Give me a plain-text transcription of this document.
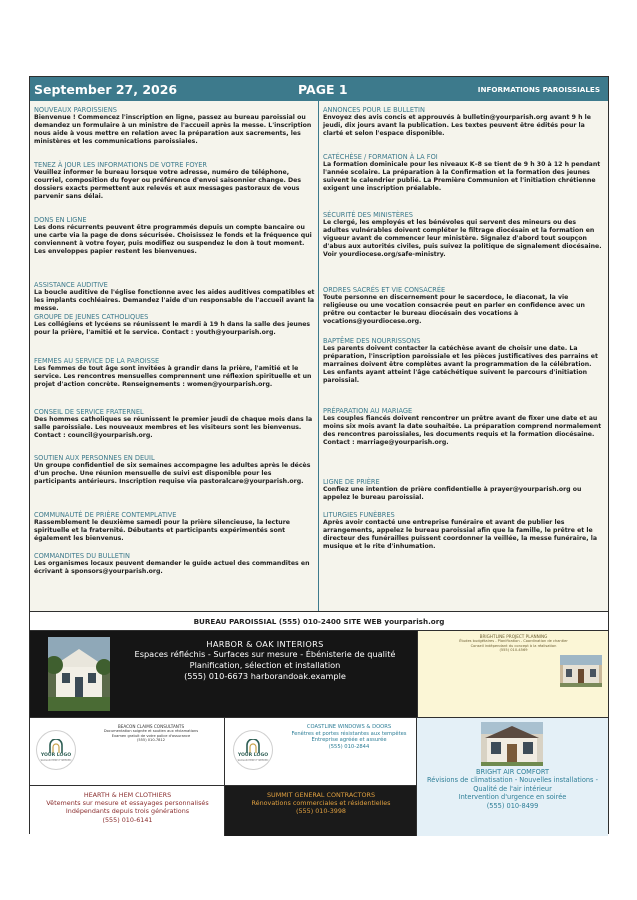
September 27, 2026	PAGE 1	INFORMATIONS PAROISSIALES
NOUVEAUX PAROISSIENS
Bienvenue ! Commencez l'inscription en ligne, passez au bureau paroissial ou demandez un formulaire à un ministre de l'accueil après la messe. L'inscription nous aide à vous mettre en relation avec la préparation aux sacrements, les ministères et les communications paroissiales.
TENEZ À JOUR LES INFORMATIONS DE VOTRE FOYER
Veuillez informer le bureau lorsque votre adresse, numéro de téléphone, courriel, composition du foyer ou préférence d'envoi saisonnier change. Des dossiers exacts permettent aux relevés et aux messages pastoraux de vous parvenir sans délai.
DONS EN LIGNE
Les dons récurrents peuvent être programmés depuis un compte bancaire ou une carte via la page de dons sécurisée. Choisissez le fonds et la fréquence qui conviennent à votre foyer, puis modifiez ou suspendez le don à tout moment. Les enveloppes papier restent les bienvenues.
ASSISTANCE AUDITIVE
La boucle auditive de l'église fonctionne avec les aides auditives compatibles et les implants cochléaires. Demandez l'aide d'un responsable de l'accueil avant la messe.
GROUPE DE JEUNES CATHOLIQUES
Les collégiens et lycéens se réunissent le mardi à 19 h dans la salle des jeunes pour la prière, l'amitié et le service. Contact : youth@yourparish.org.
FEMMES AU SERVICE DE LA PAROISSE
Les femmes de tout âge sont invitées à grandir dans la prière, l'amitié et le service. Les rencontres mensuelles comprennent une réflexion spirituelle et un projet d'action concrète. Renseignements : women@yourparish.org.
CONSEIL DE SERVICE FRATERNEL
Des hommes catholiques se réunissent le premier jeudi de chaque mois dans la salle paroissiale. Les nouveaux membres et les visiteurs sont les bienvenus. Contact : council@yourparish.org.
SOUTIEN AUX PERSONNES EN DEUIL
Un groupe confidentiel de six semaines accompagne les adultes après le décès d'un proche. Une réunion mensuelle de suivi est disponible pour les participants antérieurs. Inscription requise via pastoralcare@yourparish.org.
COMMUNAUTÉ DE PRIÈRE CONTEMPLATIVE
Rassemblement le deuxième samedi pour la prière silencieuse, la lecture spirituelle et la fraternité. Débutants et participants expérimentés sont également les bienvenus.
COMMANDITES DU BULLETIN
Les organismes locaux peuvent demander le guide actuel des commandites en écrivant à sponsors@yourparish.org.
ANNONCES POUR LE BULLETIN
Envoyez des avis concis et approuvés à bulletin@yourparish.org avant 9 h le jeudi, dix jours avant la publication. Les textes peuvent être édités pour la clarté et selon l'espace disponible.
CATÉCHÈSE / FORMATION À LA FOI
La formation dominicale pour les niveaux K–8 se tient de 9 h 30 à 12 h pendant l'année scolaire. La préparation à la Confirmation et la formation des jeunes suivent le calendrier publié. La Première Communion et l'initiation chrétienne exigent une inscription préalable.
SÉCURITÉ DES MINISTÈRES
Le clergé, les employés et les bénévoles qui servent des mineurs ou des adultes vulnérables doivent compléter le filtrage diocésain et la formation en vigueur avant de commencer leur ministère. Signalez d'abord tout soupçon d'abus aux autorités civiles, puis suivez la politique de signalement diocésaine. Voir yourdiocese.org/safe-ministry.
ORDRES SACRÉS ET VIE CONSACRÉE
Toute personne en discernement pour le sacerdoce, le diaconat, la vie religieuse ou une vocation consacrée peut en parler en confidence avec un prêtre ou contacter le bureau diocésain des vocations à vocations@yourdiocese.org.
BAPTÊME DES NOURRISSONS
Les parents doivent contacter la catéchèse avant de choisir une date. La préparation, l'inscription paroissiale et les pièces justificatives des parrains et marraines doivent être complètes avant la programmation de la célébration. Les enfants ayant atteint l'âge catéchétique suivent le parcours d'initiation paroissial.
PRÉPARATION AU MARIAGE
Les couples fiancés doivent rencontrer un prêtre avant de fixer une date et au moins six mois avant la date souhaitée. La préparation comprend normalement des rencontres paroissiales, les documents requis et la formation diocésaine. Contact : marriage@yourparish.org.
LIGNE DE PRIÈRE
Confiez une intention de prière confidentielle à prayer@yourparish.org ou appelez le bureau paroissial.
LITURGIES FUNÈBRES
Après avoir contacté une entreprise funéraire et avant de publier les arrangements, appelez le bureau paroissial afin que la famille, le prêtre et le directeur des funérailles puissent coordonner la veillée, la messe funéraire, la musique et le rite d'inhumation.
BUREAU PAROISSIAL (555) 010-2400 SITE WEB yourparish.org
HARBOR & OAK INTERIORS
Espaces réfléchis - Surfaces sur mesure - Ébénisterie de qualité
Planification, sélection et installation
(555) 010-6673 harborandoak.example
BRIGHTLINE PROJECT PLANNING
Études budgétaires - Planification - Coordination de chantier
Conseil indépendant du concept à la réalisation
(555) 010-4569
YOUR LOGO
SLOGAN HERE IF NEEDED
BEACON CLAIMS CONSULTANTS
Documentation soignée et soutien aux réclamations
Examen gratuit de votre police d'assurance
(555) 010-7812
YOUR LOGO
SLOGAN HERE IF NEEDED
COASTLINE WINDOWS & DOORS
Fenêtres et portes résistantes aux tempêtes
Entreprise agréée et assurée
(555) 010-2844
BRIGHT AIR COMFORT
Révisions de climatisation - Nouvelles installations - Qualité de l'air intérieur
Intervention d'urgence en soirée
(555) 010-8499
HEARTH & HEM CLOTHIERS
Vêtements sur mesure et essayages personnalisés
Indépendants depuis trois générations
(555) 010-6141
SUMMIT GENERAL CONTRACTORS
Rénovations commerciales et résidentielles
(555) 010-3998
